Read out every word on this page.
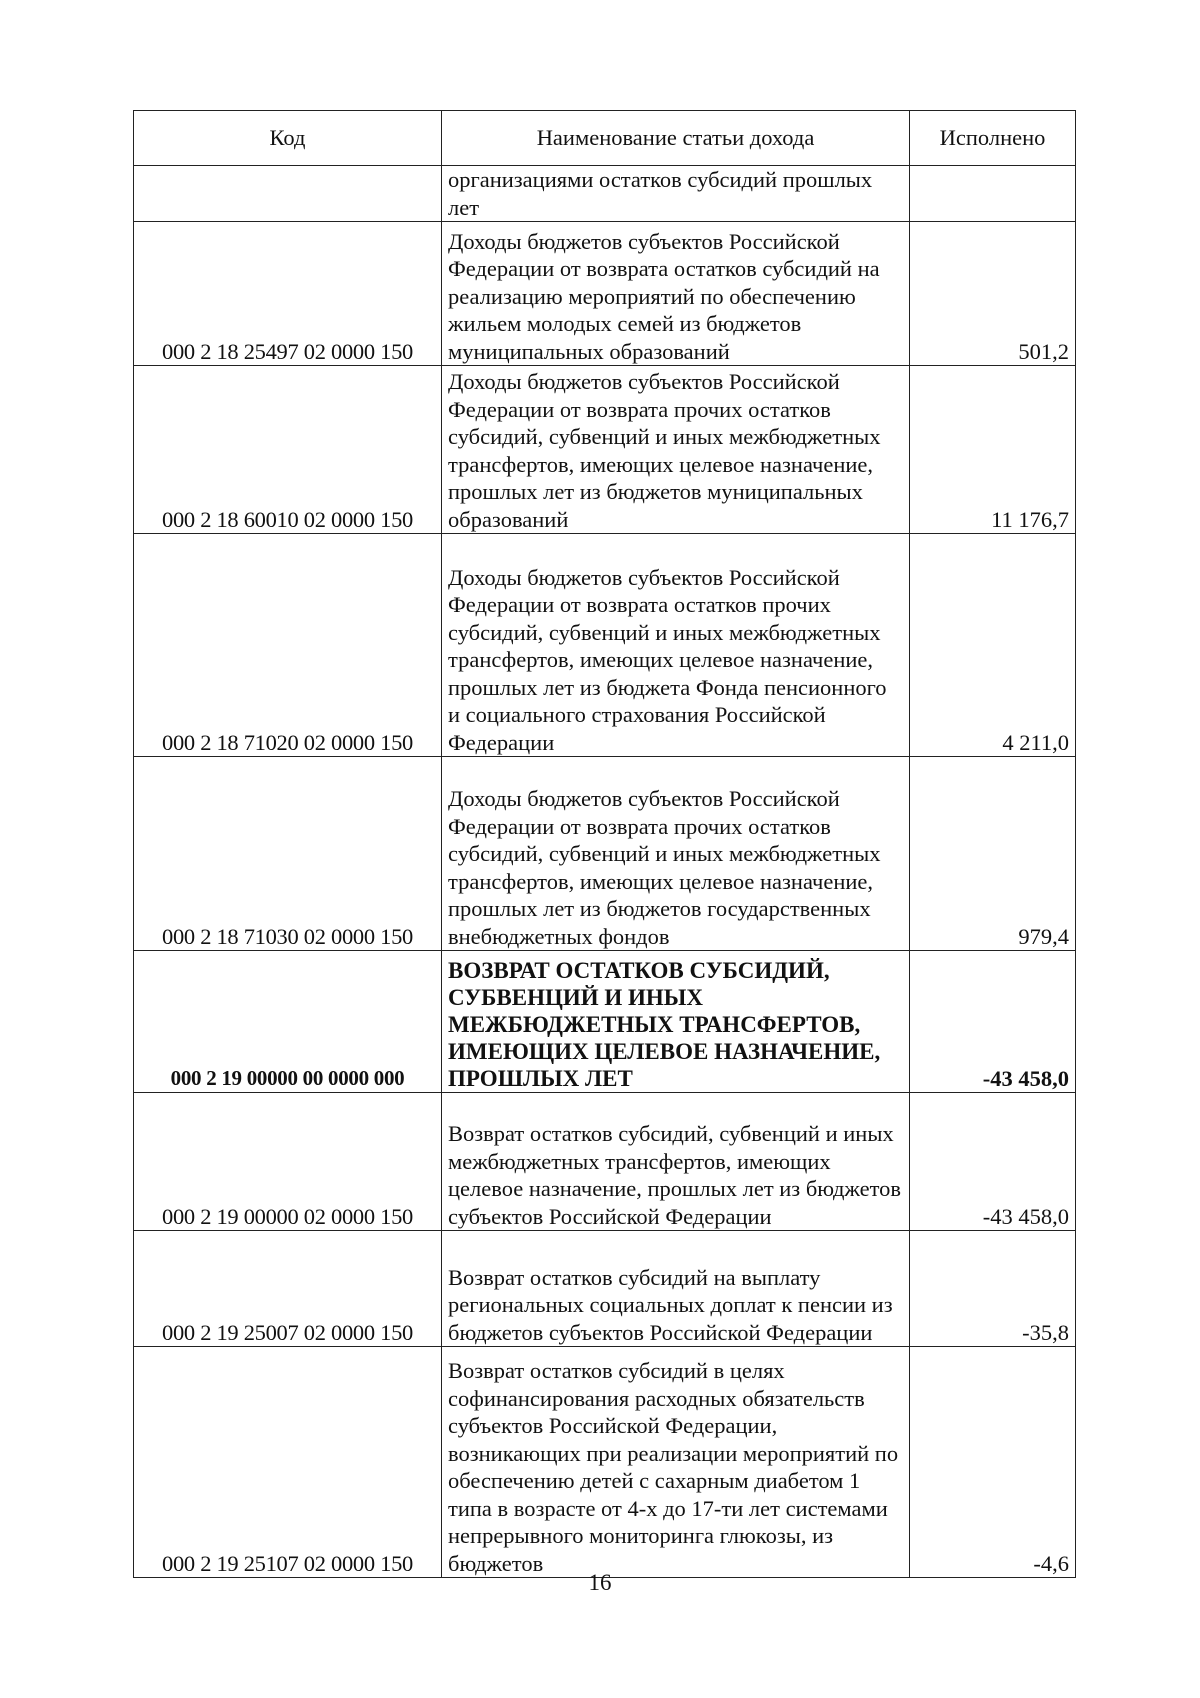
Код	Наименование статьи дохода	Исполнено
	организациями остатков субсидий прошлых лет	
000 2 18 25497 02 0000 150	Доходы бюджетов субъектов Российской Федерации от возврата остатков субсидий на реализацию мероприятий по обеспечению жильем молодых семей из бюджетов муниципальных образований	501,2
000 2 18 60010 02 0000 150	Доходы бюджетов субъектов Российской Федерации от возврата прочих остатков субсидий, субвенций и иных межбюджетных трансфертов, имеющих целевое назначение, прошлых лет из бюджетов муниципальных образований	11 176,7
000 2 18 71020 02 0000 150	Доходы бюджетов субъектов Российской Федерации от возврата остатков прочих субсидий, субвенций и иных межбюджетных трансфертов, имеющих целевое назначение, прошлых лет из бюджета Фонда пенсионного и социального страхования Российской Федерации	4 211,0
000 2 18 71030 02 0000 150	Доходы бюджетов субъектов Российской Федерации от возврата прочих остатков субсидий, субвенций и иных межбюджетных трансфертов, имеющих целевое назначение, прошлых лет из бюджетов государственных внебюджетных фондов	979,4
000 2 19 00000 00 0000 000	ВОЗВРАТ ОСТАТКОВ СУБСИДИЙ, СУБВЕНЦИЙ И ИНЫХ МЕЖБЮДЖЕТНЫХ ТРАНСФЕРТОВ, ИМЕЮЩИХ ЦЕЛЕВОЕ НАЗНАЧЕНИЕ, ПРОШЛЫХ ЛЕТ	-43 458,0
000 2 19 00000 02 0000 150	Возврат остатков субсидий, субвенций и иных межбюджетных трансфертов, имеющих целевое назначение, прошлых лет из бюджетов субъектов Российской Федерации	-43 458,0
000 2 19 25007 02 0000 150	Возврат остатков субсидий на выплату региональных социальных доплат к пенсии из бюджетов субъектов Российской Федерации	-35,8
000 2 19 25107 02 0000 150	Возврат остатков субсидий в целях софинансирования расходных обязательств субъектов Российской Федерации, возникающих при реализации мероприятий по обеспечению детей с сахарным диабетом 1 типа в возрасте от 4-х до 17-ти лет системами непрерывного мониторинга глюкозы, из бюджетов	-4,6
16
